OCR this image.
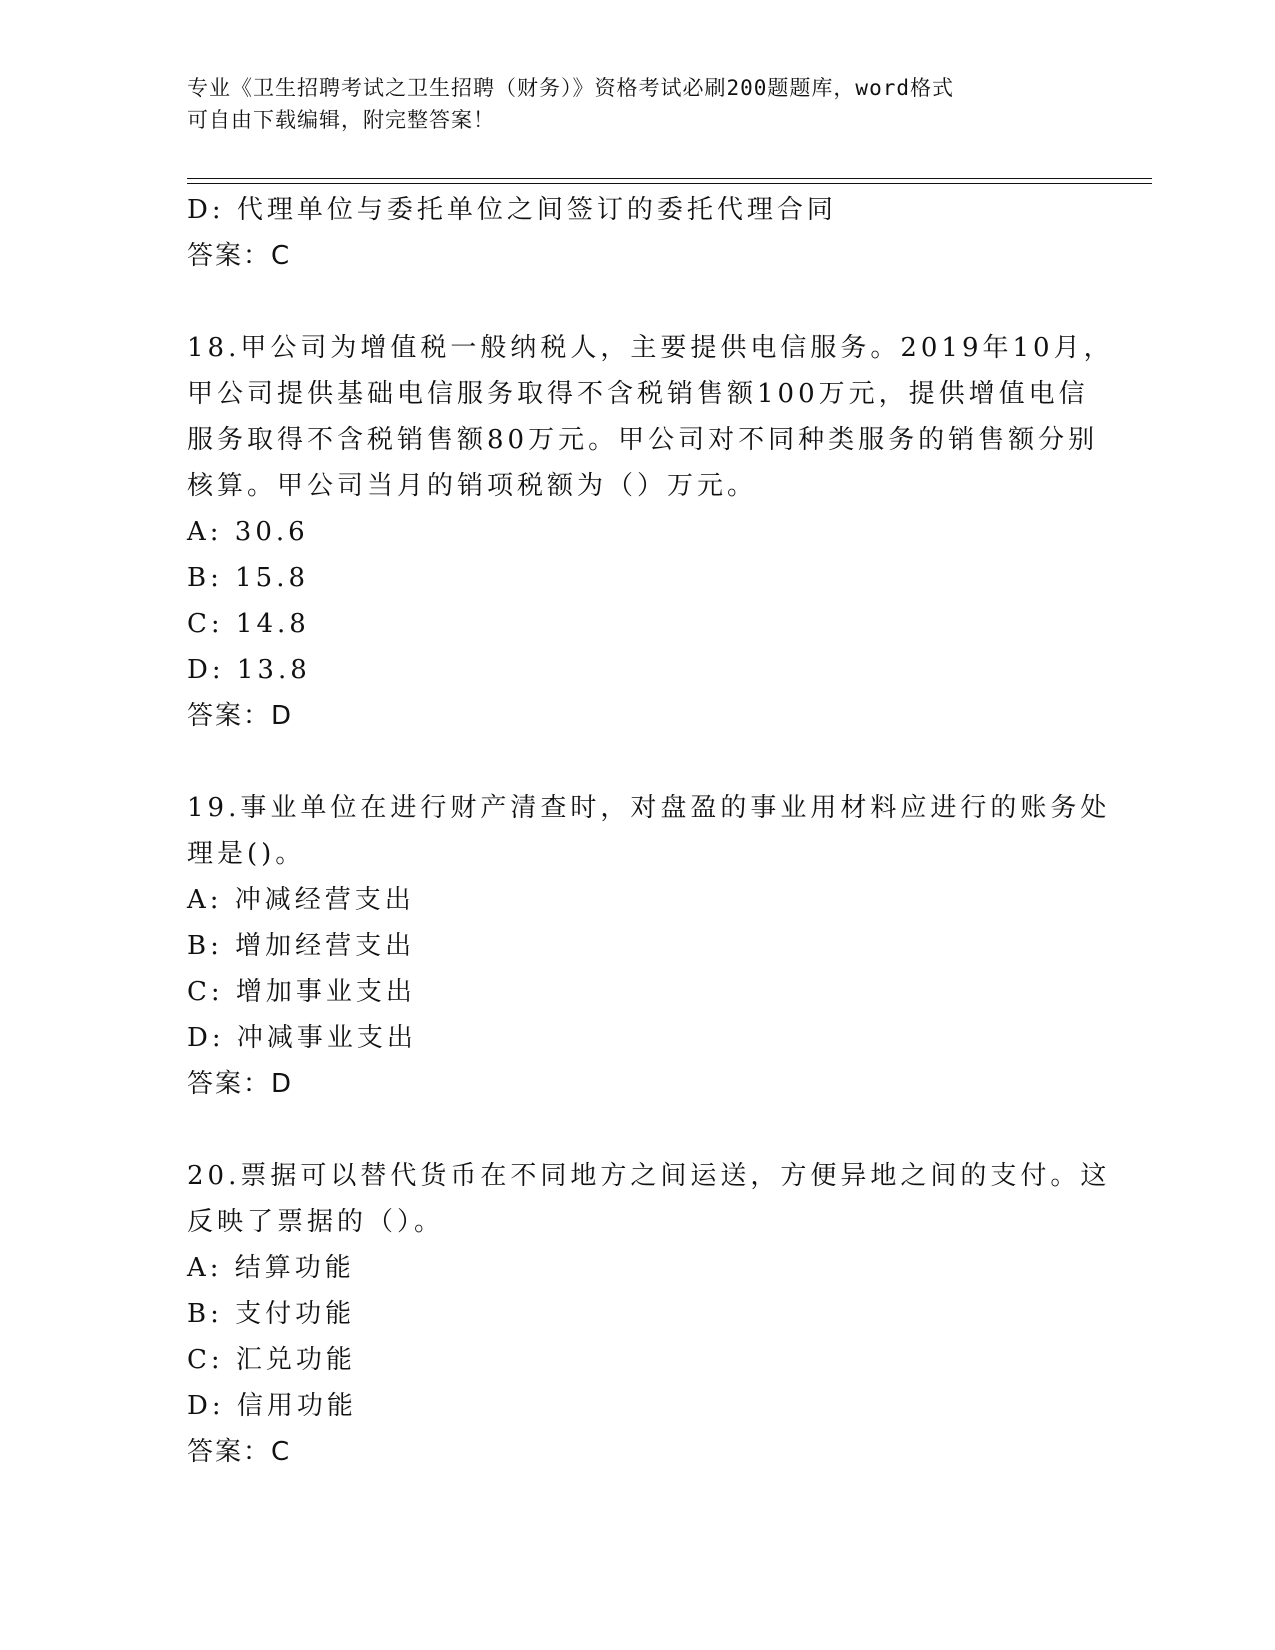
专业《卫生招聘考试之卫生招聘（财务）》资格考试必刷200题题库，word格式
可自由下载编辑，附完整答案！

D: 代理单位与委托单位之间签订的委托代理合同

答案：C

18.甲公司为增值税一般纳税人，主要提供电信服务。2019年10月，

甲公司提供基础电信服务取得不含税销售额100万元，提供增值电信

服务取得不含税销售额80万元。甲公司对不同种类服务的销售额分别

核算。甲公司当月的销项税额为（）万元。

A: 30.6

B: 15.8

C: 14.8

D: 13.8

答案：D

19.事业单位在进行财产清查时，对盘盈的事业用材料应进行的账务处

理是()。

A: 冲减经营支出

B: 增加经营支出

C: 增加事业支出

D: 冲减事业支出

答案：D

20.票据可以替代货币在不同地方之间运送，方便异地之间的支付。这

反映了票据的（）。

A: 结算功能

B: 支付功能

C: 汇兑功能

D: 信用功能

答案：C
